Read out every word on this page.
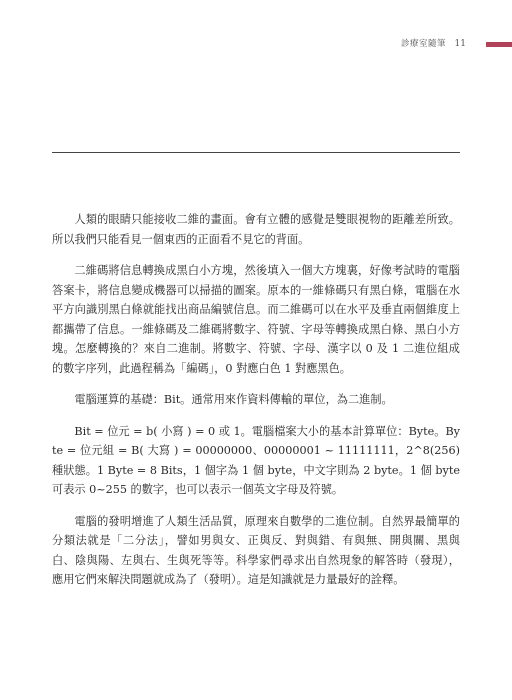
診療室隨筆 11

人類的眼睛只能接收二維的畫面。會有立體的感覺是雙眼視物的距離差所致。所以我們只能看見一個東西的正面看不見它的背面。

二維碼將信息轉換成黑白小方塊，然後填入一個大方塊裏，好像考試時的電腦答案卡，將信息變成機器可以掃描的圖案。原本的一維條碼只有黑白條，電腦在水平方向識別黑白條就能找出商品編號信息。而二維碼可以在水平及垂直兩個維度上都攜帶了信息。一維條碼及二維碼將數字、符號、字母等轉換成黑白條、黑白小方塊。怎麼轉換的？來自二進制。將數字、符號、字母、漢字以 0 及 1 二進位組成的數字序列，此過程稱為「編碼」，0 對應白色 1 對應黑色。

電腦運算的基礎：Bit。通常用來作資料傳輸的單位，為二進制。

Bit = 位元 = b( 小寫 ) = 0 或 1。電腦檔案大小的基本計算單位：Byte。Byte = 位元組 = B( 大寫 ) = 00000000、00000001 ~ 11111111，2^8(256) 種狀態。1 Byte = 8 Bits，1 個字為 1 個 byte，中文字則為 2 byte。1 個 byte 可表示 0~255 的數字，也可以表示一個英文字母及符號。

電腦的發明增進了人類生活品質，原理來自數學的二進位制。自然界最簡單的分類法就是「二分法」，譬如男與女、正與反、對與錯、有與無、開與關、黑與白、陰與陽、左與右、生與死等等。科學家們尋求出自然現象的解答時（發現），應用它們來解決問題就成為了（發明）。這是知識就是力量最好的詮釋。
